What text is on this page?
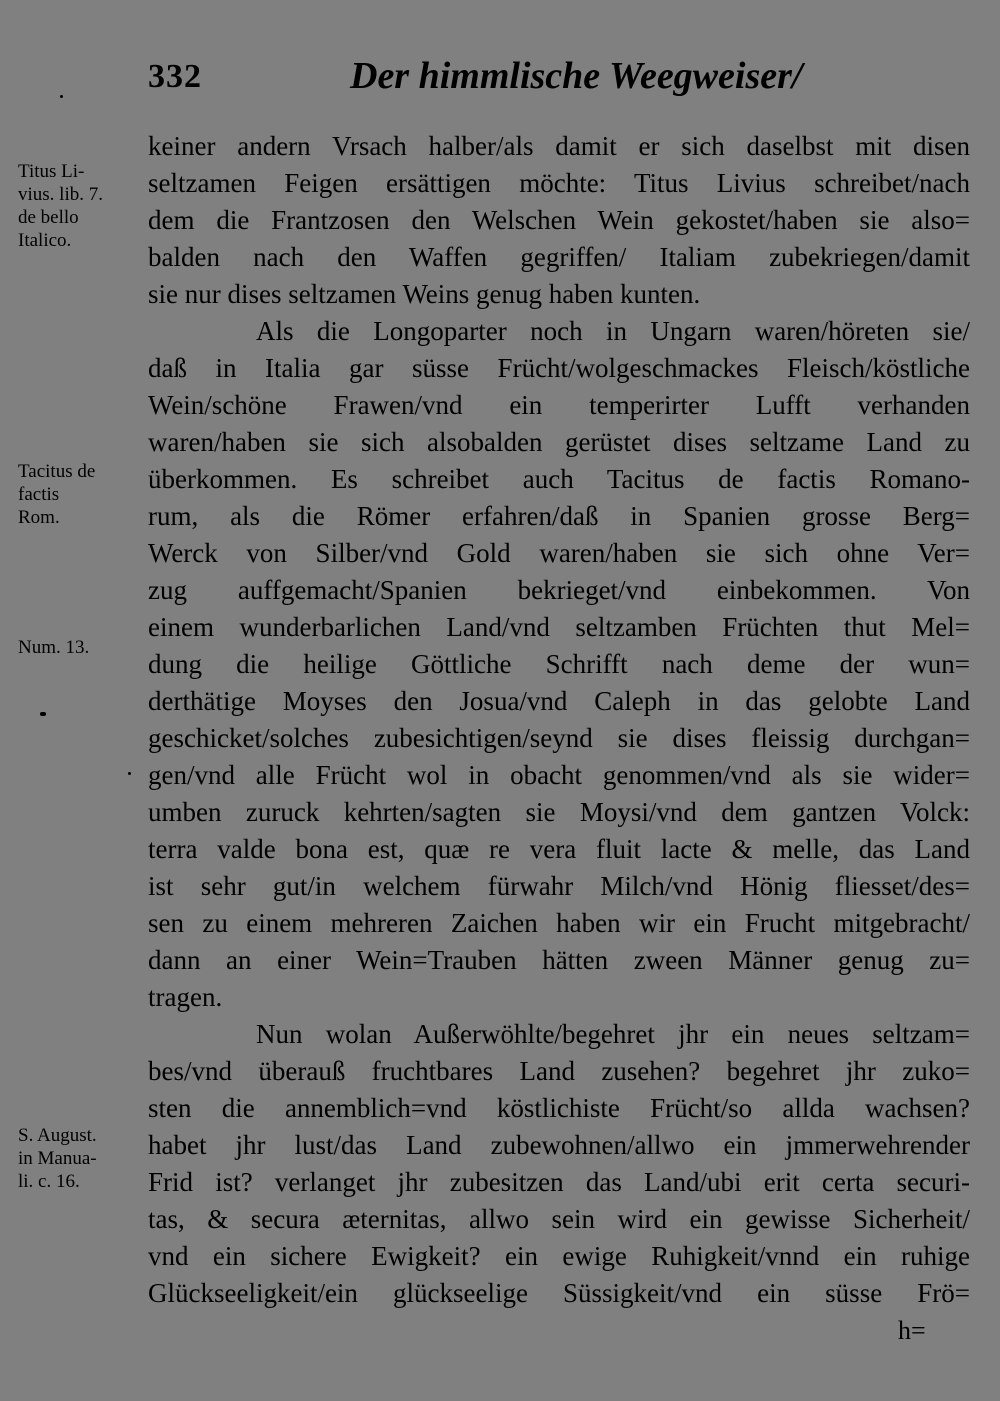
332	Der himmlische Weegweiser/
Titus Li-
vius. lib. 7.
de bello
Italico.
Tacitus de
factis
Rom.
Num. 13.
S. August.
in Manua-
li. c. 16.
keiner andern Vrsach halber/als damit er sich daselbst mit disen
seltzamen Feigen ersättigen möchte: Titus Livius schreibet/nach
dem die Frantzosen den Welschen Wein gekostet/haben sie also=
balden nach den Waffen gegriffen/ Italiam zubekriegen/damit
sie nur dises seltzamen Weins genug haben kunten.
Als die Longoparter noch in Ungarn waren/höreten sie/
daß in Italia gar süsse Frücht/wolgeschmackes Fleisch/köstliche
Wein/schöne Frawen/vnd ein temperirter Lufft verhanden
waren/haben sie sich alsobalden gerüstet dises seltzame Land zu
überkommen. Es schreibet auch Tacitus de factis Romano-
rum, als die Römer erfahren/daß in Spanien grosse Berg=
Werck von Silber/vnd Gold waren/haben sie sich ohne Ver=
zug auffgemacht/Spanien bekrieget/vnd einbekommen. Von
einem wunderbarlichen Land/vnd seltzamben Früchten thut Mel=
dung die heilige Göttliche Schrifft nach deme der wun=
derthätige Moyses den Josua/vnd Caleph in das gelobte Land
geschicket/solches zubesichtigen/seynd sie dises fleissig durchgan=
gen/vnd alle Frücht wol in obacht genommen/vnd als sie wider=
umben zuruck kehrten/sagten sie Moysi/vnd dem gantzen Volck:
terra valde bona est, quæ re vera fluit lacte & melle, das Land
ist sehr gut/in welchem fürwahr Milch/vnd Hönig fliesset/des=
sen zu einem mehreren Zaichen haben wir ein Frucht mitgebracht/
dann an einer Wein=Trauben hätten zween Männer genug zu=
tragen.
Nun wolan Außerwöhlte/begehret jhr ein neues seltzam=
bes/vnd überauß fruchtbares Land zusehen? begehret jhr zuko=
sten die annemblich=vnd köstlichiste Frücht/so allda wachsen?
habet jhr lust/das Land zubewohnen/allwo ein jmmerwehrender
Frid ist? verlanget jhr zubesitzen das Land/ubi erit certa securi-
tas, & secura æternitas, allwo sein wird ein gewisse Sicherheit/
vnd ein sichere Ewigkeit? ein ewige Ruhigkeit/vnnd ein ruhige
Glückseeligkeit/ein glückseelige Süssigkeit/vnd ein süsse Frö=
h=
